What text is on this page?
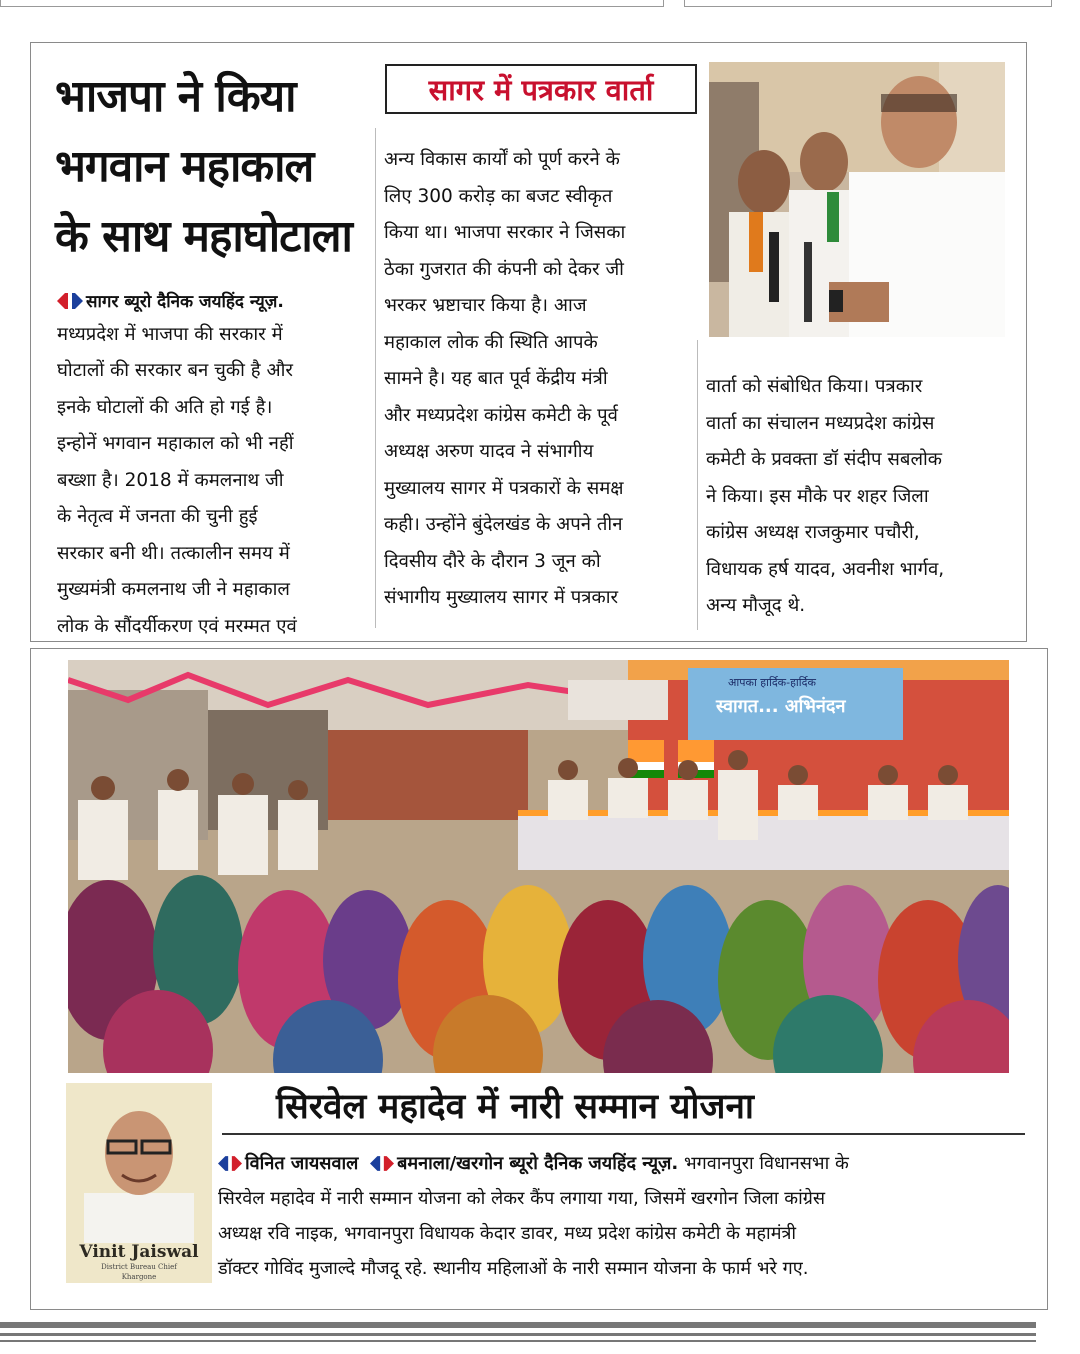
भाजपा ने किया
भगवान महाकाल
के साथ महाघोटाला
सागर में पत्रकार वार्ता
सागर ब्यूरो दैनिक जयहिंद न्यूज़.
मध्यप्रदेश में भाजपा की सरकार में
घोटालों की सरकार बन चुकी है और
इनके घोटालों की अति हो गई है।
इन्होनें भगवान महाकाल को भी नहीं
बख्शा है। 2018 में कमलनाथ जी
के नेतृत्व में जनता की चुनी हुई
सरकार बनी थी। तत्कालीन समय में
मुख्यमंत्री कमलनाथ जी ने महाकाल
लोक के सौंदर्यीकरण एवं मरम्मत एवं
अन्य विकास कार्यों को पूर्ण करने के
लिए 300 करोड़ का बजट स्वीकृत
किया था। भाजपा सरकार ने जिसका
ठेका गुजरात की कंपनी को देकर जी
भरकर भ्रष्टाचार किया है। आज
महाकाल लोक की स्थिति आपके
सामने है। यह बात पूर्व केंद्रीय मंत्री
और मध्यप्रदेश कांग्रेस कमेटी के पूर्व
अध्यक्ष अरुण यादव ने संभागीय
मुख्यालय सागर में पत्रकारों के समक्ष
कही। उन्होंने बुंदेलखंड के अपने तीन
दिवसीय दौरे के दौरान 3 जून को
संभागीय मुख्यालय सागर में पत्रकार
वार्ता को संबोधित किया। पत्रकार
वार्ता का संचालन मध्यप्रदेश कांग्रेस
कमेटी के प्रवक्ता डॉ संदीप सबलोक
ने किया। इस मौके पर शहर जिला
कांग्रेस अध्यक्ष राजकुमार पचौरी,
विधायक हर्ष यादव, अवनीश भार्गव,
अन्य मौजूद थे.
आपका हार्दिक-हार्दिक
स्वागत... अभिनंदन
सिरवेल महादेव में नारी सम्मान योजना
Vinit Jaiswal
District Bureau Chief
Khargone
विनित जायसवाल बमनाला/खरगोन ब्यूरो दैनिक जयहिंद न्यूज़. भगवानपुरा विधानसभा के
सिरवेल महादेव में नारी सम्मान योजना को लेकर कैंप लगाया गया, जिसमें खरगोन जिला कांग्रेस
अध्यक्ष रवि नाइक, भगवानपुरा विधायक केदार डावर, मध्य प्रदेश कांग्रेस कमेटी के महामंत्री
डॉक्टर गोविंद मुजाल्दे मौजदू रहे. स्थानीय महिलाओं के नारी सम्मान योजना के फार्म भरे गए.
